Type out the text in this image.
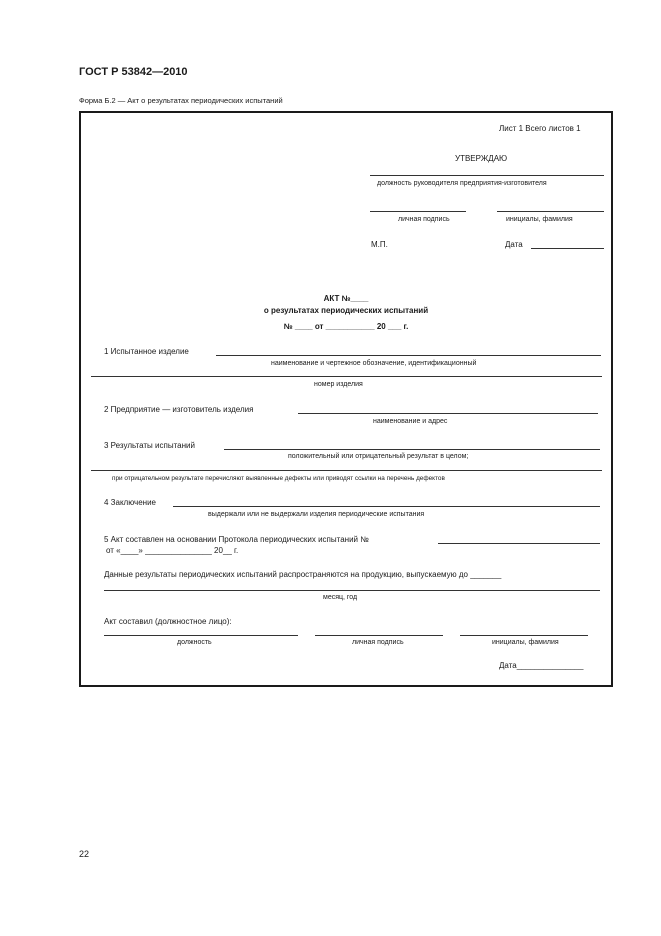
ГОСТ Р 53842—2010
Форма Б.2 — Акт о результатах периодических испытаний
Лист 1 Всего листов 1
УТВЕРЖДАЮ
должность руководителя предприятия-изготовителя
личная подпись	инициалы, фамилия
М.П.	Дата
АКТ №____
о результатах периодических испытаний
№ ____ от ___________ 20 ___ г.
1 Испытанное изделие
наименование и чертежное обозначение, идентификационный
номер изделия
2 Предприятие — изготовитель изделия
наименование и адрес
3 Результаты испытаний
положительный или отрицательный результат в целом;
при отрицательном результате перечисляют выявленные дефекты или приводят ссылки на перечень дефектов
4 Заключение
выдержали или не выдержали изделия периодические испытания
5 Акт составлен на основании Протокола периодических испытаний №
от «____» _______________ 20__ г.
Данные результаты периодических испытаний распространяются на продукцию, выпускаемую до _______
месяц, год
Акт составил (должностное лицо):
должность	личная подпись	инициалы, фамилия
Дата_______________
22
